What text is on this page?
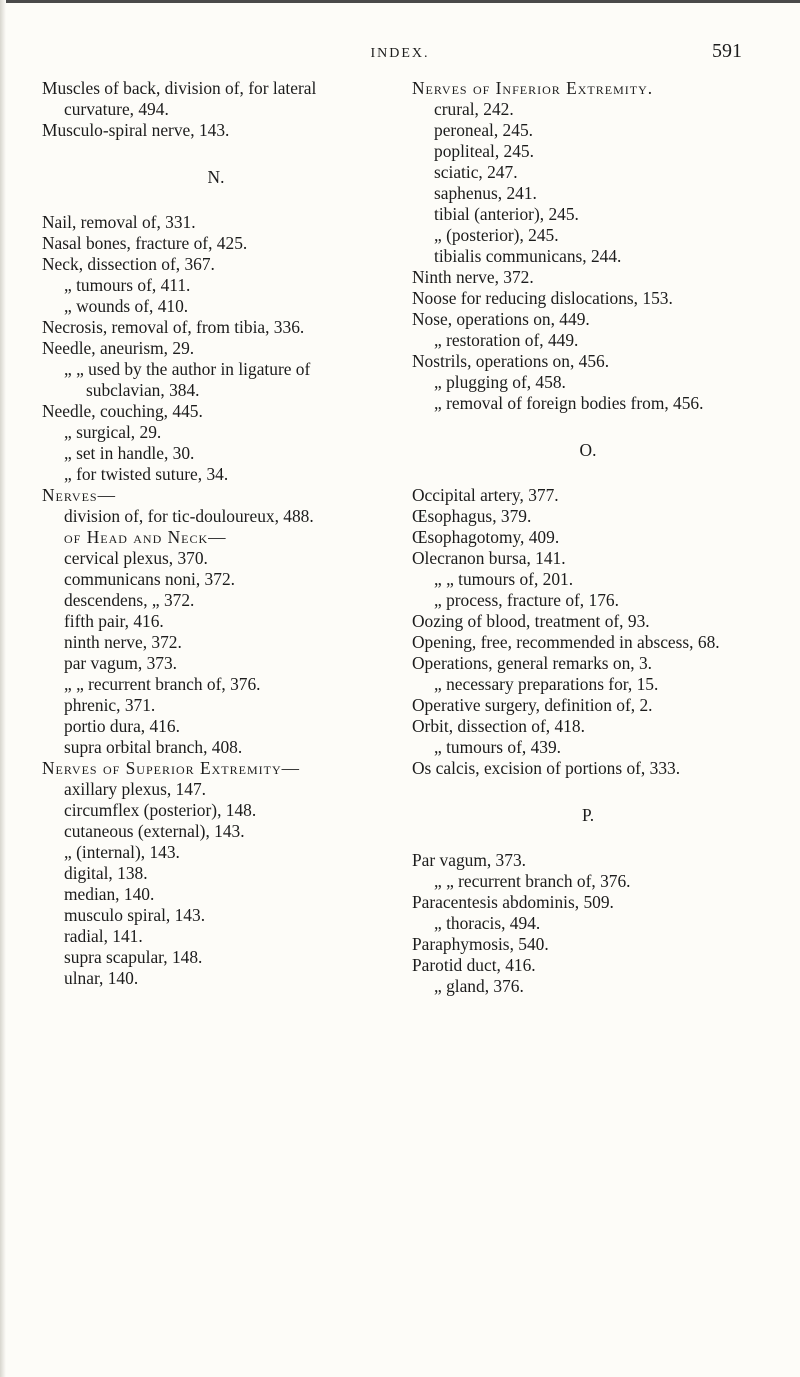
INDEX.	591
Muscles of back, division of, for lateral curvature, 494.
Musculo-spiral nerve, 143.
N.
Nail, removal of, 331.
Nasal bones, fracture of, 425.
Neck, dissection of, 367.
„ tumours of, 411.
„ wounds of, 410.
Necrosis, removal of, from tibia, 336.
Needle, aneurism, 29.
„ „ used by the author in ligature of subclavian, 384.
Needle, couching, 445.
„ surgical, 29.
„ set in handle, 30.
„ for twisted suture, 34.
Nerves—
division of, for tic-douloureux, 488.
of Head and Neck—
cervical plexus, 370.
communicans noni, 372.
descendens, „ 372.
fifth pair, 416.
ninth nerve, 372.
par vagum, 373.
„ „ recurrent branch of, 376.
phrenic, 371.
portio dura, 416.
supra orbital branch, 408.
Nerves of Superior Extremity—
axillary plexus, 147.
circumflex (posterior), 148.
cutaneous (external), 143.
„ (internal), 143.
digital, 138.
median, 140.
musculo spiral, 143.
radial, 141.
supra scapular, 148.
ulnar, 140.
Nerves of Inferior Extremity.
crural, 242.
peroneal, 245.
popliteal, 245.
sciatic, 247.
saphenus, 241.
tibial (anterior), 245.
„ (posterior), 245.
tibialis communicans, 244.
Ninth nerve, 372.
Noose for reducing dislocations, 153.
Nose, operations on, 449.
„ restoration of, 449.
Nostrils, operations on, 456.
„ plugging of, 458.
„ removal of foreign bodies from, 456.
O.
Occipital artery, 377.
Œsophagus, 379.
Œsophagotomy, 409.
Olecranon bursa, 141.
„ „ tumours of, 201.
„ process, fracture of, 176.
Oozing of blood, treatment of, 93.
Opening, free, recommended in abscess, 68.
Operations, general remarks on, 3.
„ necessary preparations for, 15.
Operative surgery, definition of, 2.
Orbit, dissection of, 418.
„ tumours of, 439.
Os calcis, excision of portions of, 333.
P.
Par vagum, 373.
„ „ recurrent branch of, 376.
Paracentesis abdominis, 509.
„ thoracis, 494.
Paraphymosis, 540.
Parotid duct, 416.
„ gland, 376.
